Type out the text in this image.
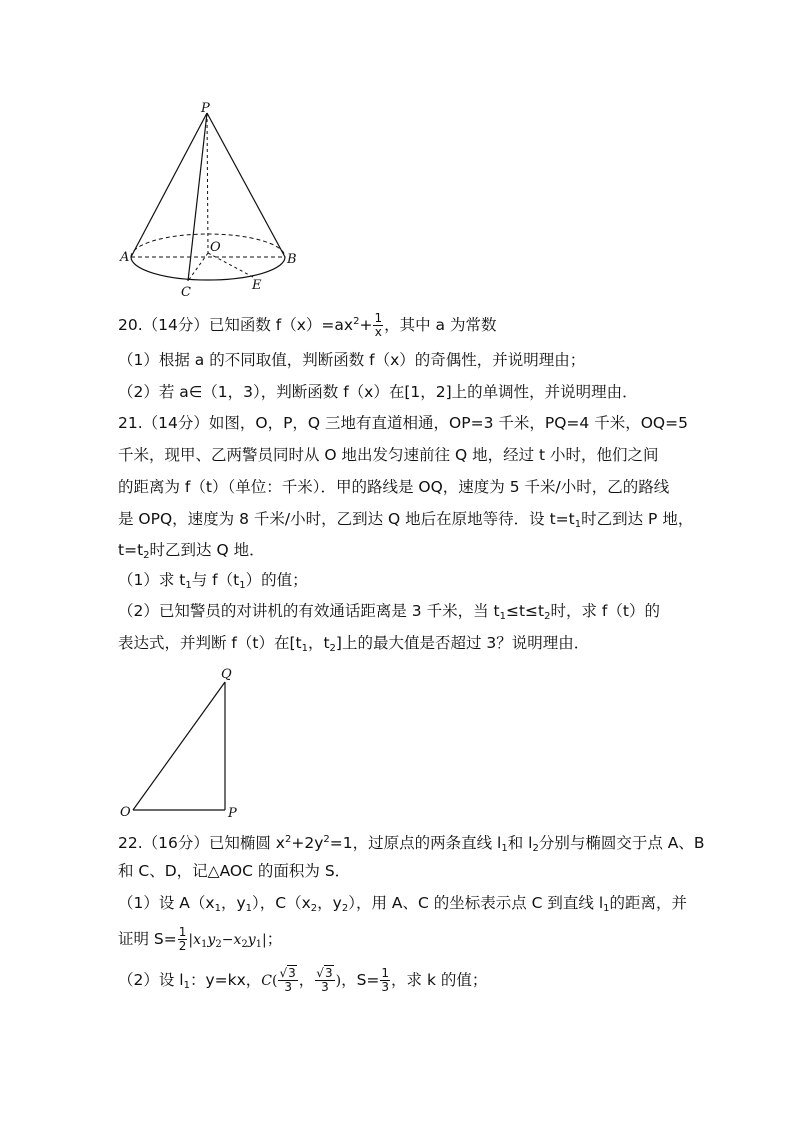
P
O
A	B
C	E
20.（14分）已知函数 $f(x)=ax^2+ \frac{1}{x}$ ，其中 a 为常数
（1）根据 a 的不同取值，判断函数 f（x）的奇偶性，并说明理由；
（2）若 a∈（1，3），判断函数 f（x）在[1，2]上的单调性，并说明理由．
21.（14分）如图，O，P，Q 三地有直道相通，OP=3 千米，PQ=4 千米，OQ=5
千米，现甲、乙两警员同时从 O 地出发匀速前往 Q 地，经过 t 小时，他们之间
的距离为 f（t）（单位：千米）．甲的路线是 OQ，速度为 5 千米/小时，乙的路线
是 OPQ，速度为 8 千米/小时，乙到达 Q 地后在原地等待．设 $t=t_1$时乙到达 P 地，
$t=t_2$时乙到达 Q 地．
（1）求 $t_1$与 $f(t_1)$的值；
（2）已知警员的对讲机的有效通话距离是 3 千米，当 $t_1\le t\le t_2$时，求 f（t）的
表达式，并判断 f（t）在[$t_1$，$t_2$]上的最大值是否超过 3？说明理由．
Q
O	P
22.（16分）已知椭圆 $x^2+2y^2=1$，过原点的两条直线 $l_1$和 $l_2$分别与椭圆交于点 A、B
和 C、D，记△AOC 的面积为 S．
（1）设 $A(x_1$，$y_1$），$C(x_2$，$y_2$），用 A、C 的坐标表示点 C 到直线 $l_1$的距离，并
证明 $S= \frac{1}{2} |x_1y_2-x_2y_1|$；
（2）设 $l_1$：y=kx，$C( \frac{√3}{3}$ ， $\frac{√3}{3}$ )，$S= \frac{1}{3}$ ，求 k 的值；
